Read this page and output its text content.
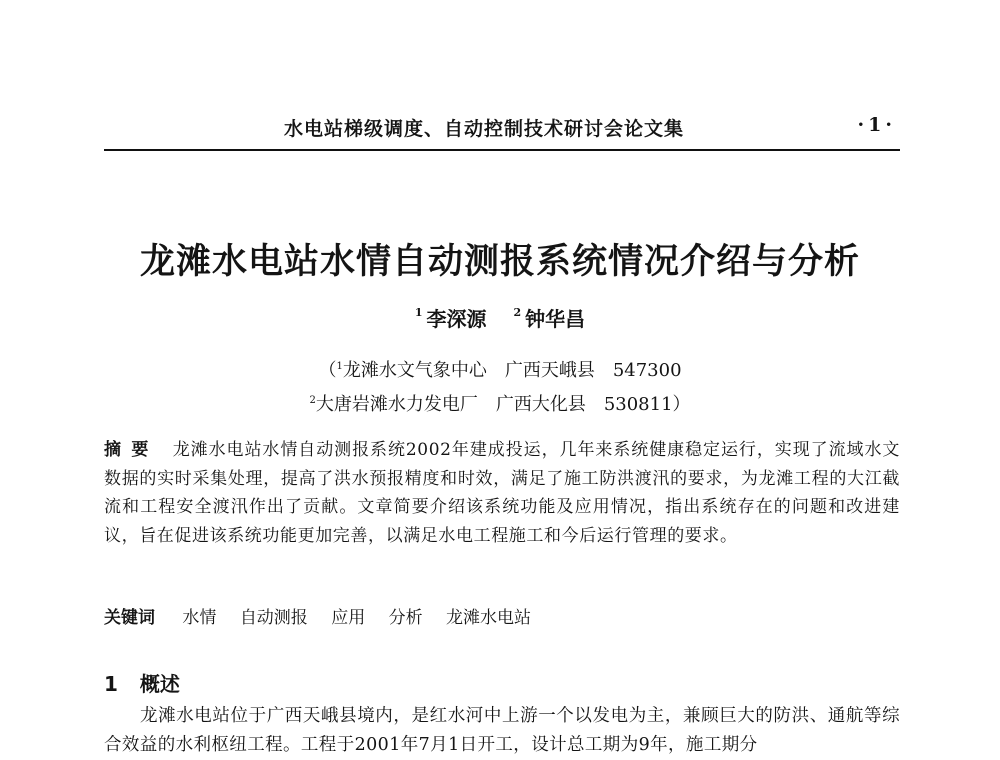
水电站梯级调度、自动控制技术研讨会论文集	·1·
龙滩水电站水情自动测报系统情况介绍与分析
$^1$ 李深源 $^2$ 钟华昌
（$^1$龙滩水文气象中心 广西天峨县 547300
$^2$大唐岩滩水力发电厂 广西大化县 530811）
摘要 龙滩水电站水情自动测报系统2002年建成投运，几年来系统健康稳定运行，实现了流域水文数据的实时采集处理，提高了洪水预报精度和时效，满足了施工防洪渡汛的要求，为龙滩工程的大江截流和工程安全渡汛作出了贡献。文章简要介绍该系统功能及应用情况，指出系统存在的问题和改进建议，旨在促进该系统功能更加完善，以满足水电工程施工和今后运行管理的要求。
关键词 水情 自动测报 应用 分析 龙滩水电站
1 概述
龙滩水电站位于广西天峨县境内，是红水河中上游一个以发电为主，兼顾巨大的防洪、通航等综合效益的水利枢纽工程。工程于2001年7月1日开工，设计总工期为9年，施工期分
